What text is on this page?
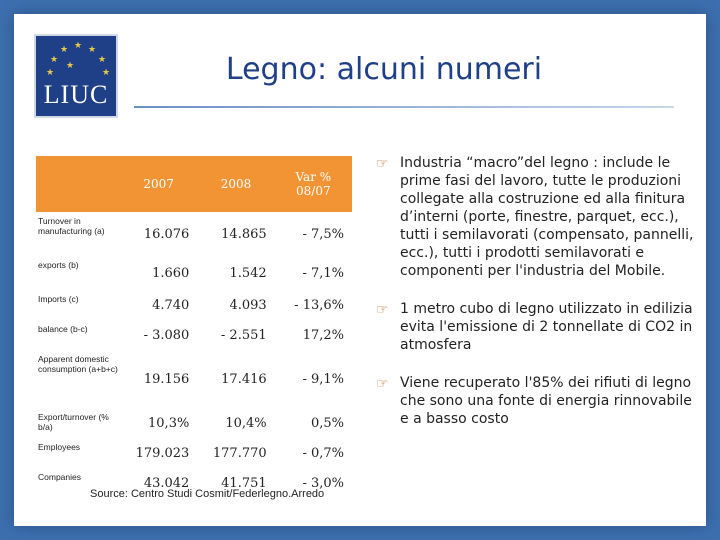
★ ★
★
★
★
★	★
★
LIUC
Legno: alcuni numeri
	2007	2008	Var % 08/07
Turnover in manufacturing (a)	16.076	14.865	- 7,5%
exports (b)	1.660	1.542	- 7,1%
Imports (c)	4.740	4.093	- 13,6%
balance (b-c)	- 3.080	- 2.551	17,2%
Apparent domestic consumption (a+b+c)	19.156	17.416	- 9,1%
Export/turnover (% b/a)	10,3%	10,4%	0,5%
Employees	179.023	177.770	- 0,7%
Companies	43.042	41.751	- 3,0%
Source: Centro Studi Cosmit/Federlegno.Arredo
☞ Industria “macro”del legno : include le prime fasi del lavoro, tutte le produzioni collegate alla costruzione ed alla finitura d’interni (porte, finestre, parquet, ecc.), tutti i semilavorati (compensato, pannelli, ecc.), tutti i prodotti semilavorati e componenti per l'industria del Mobile.
☞ 1 metro cubo di legno utilizzato in edilizia evita l'emissione di 2 tonnellate di CO2 in atmosfera
☞ Viene recuperato l'85% dei rifiuti di legno che sono una fonte di energia rinnovabile e a basso costo
